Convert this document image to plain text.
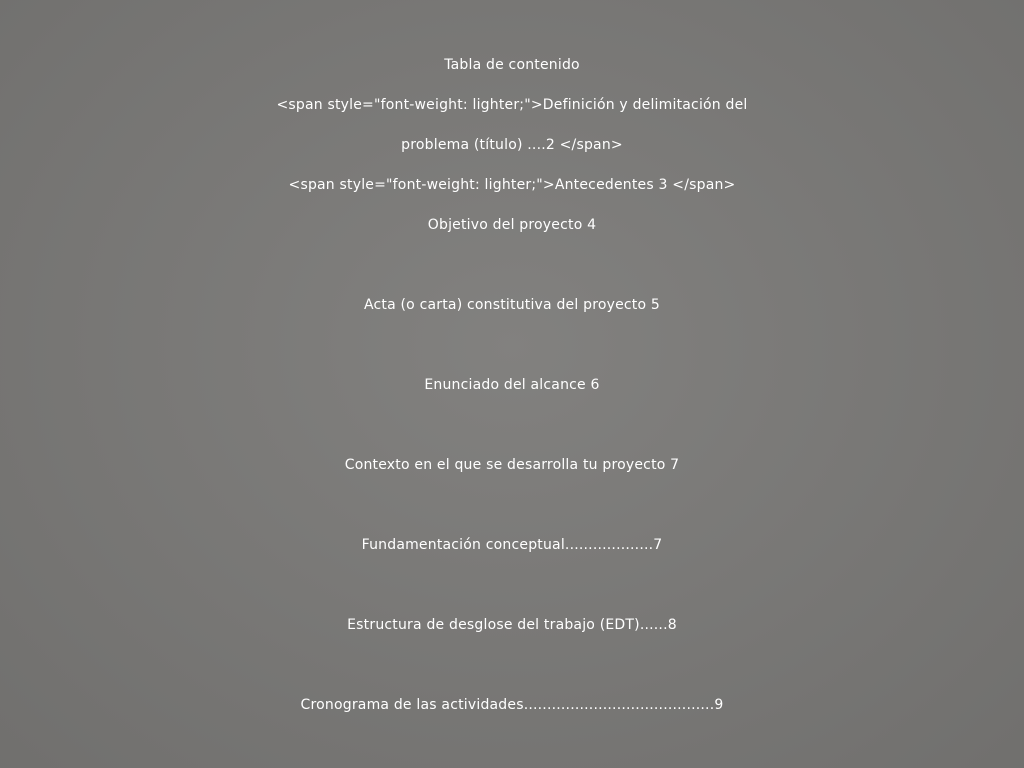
Tabla de contenido
<span style="font-weight: lighter;">Definición y delimitación del
problema (título) ....2 </span>
<span style="font-weight: lighter;">Antecedentes 3 </span>
Objetivo del proyecto 4
Acta (o carta) constitutiva del proyecto 5
Enunciado del alcance 6
Contexto en el que se desarrolla tu proyecto 7
Fundamentación conceptual...................7
Estructura de desglose del trabajo (EDT)......8
Cronograma de las actividades.........................................9
